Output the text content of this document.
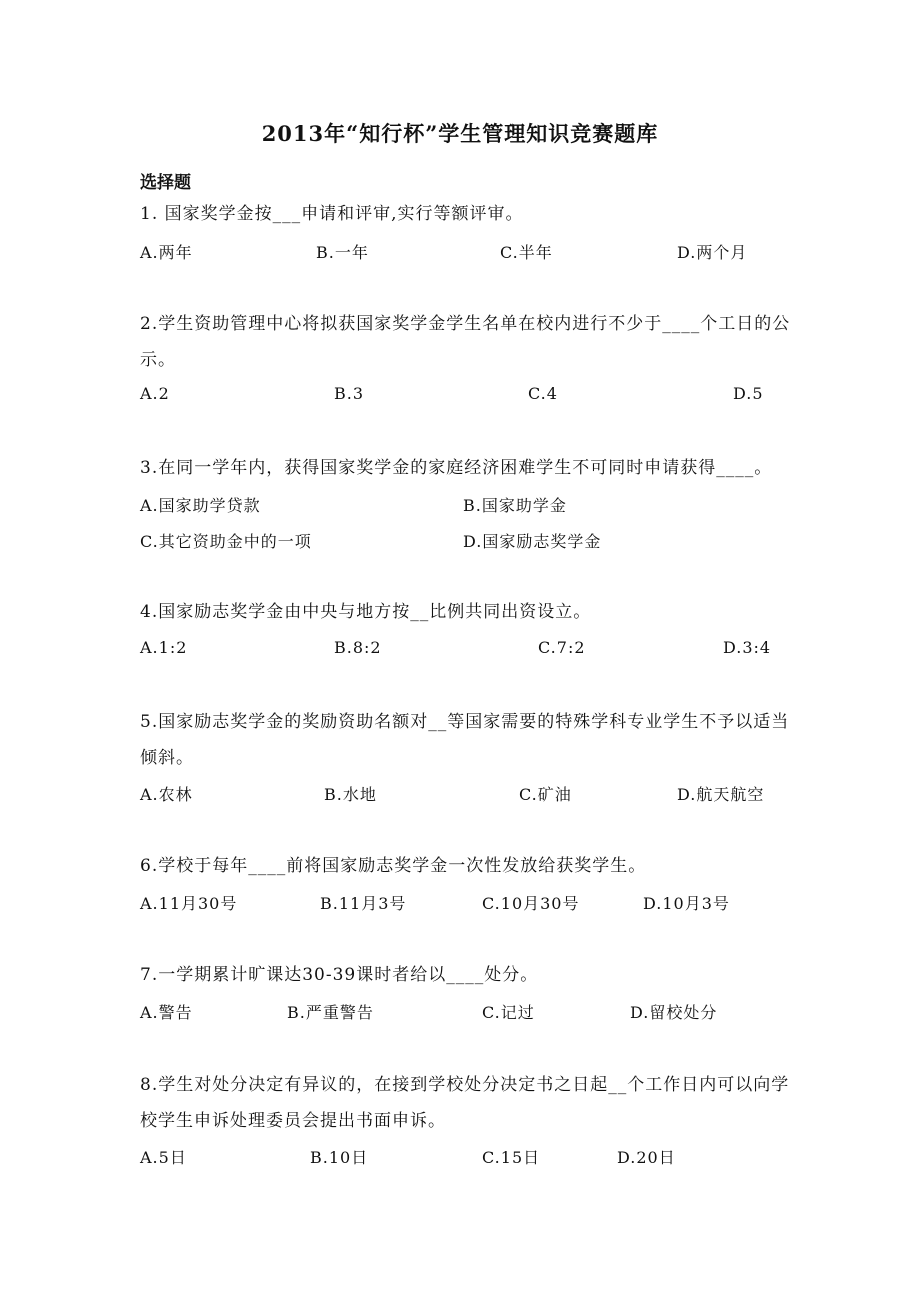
2013年“知行杯”学生管理知识竞赛题库
选择题
1. 国家奖学金按___申请和评审,实行等额评审。
A.两年	B.一年	C.半年	D.两个月
2.学生资助管理中心将拟获国家奖学金学生名单在校内进行不少于____个工日的公示。
A.2	B.3	C.4	D.5
3.在同一学年内，获得国家奖学金的家庭经济困难学生不可同时申请获得____。
A.国家助学贷款	B.国家助学金
C.其它资助金中的一项	D.国家励志奖学金
4.国家励志奖学金由中央与地方按__比例共同出资设立。
A.1:2	B.8:2	C.7:2	D.3:4
5.国家励志奖学金的奖励资助名额对__等国家需要的特殊学科专业学生不予以适当倾斜。
A.农林	B.水地	C.矿油	D.航天航空
6.学校于每年____前将国家励志奖学金一次性发放给获奖学生。
A.11月30号	B.11月3号	C.10月30号	D.10月3号
7.一学期累计旷课达30-39课时者给以____处分。
A.警告	B.严重警告	C.记过	D.留校处分
8.学生对处分决定有异议的，在接到学校处分决定书之日起__个工作日内可以向学校学生申诉处理委员会提出书面申诉。
A.5日	B.10日	C.15日	D.20日
